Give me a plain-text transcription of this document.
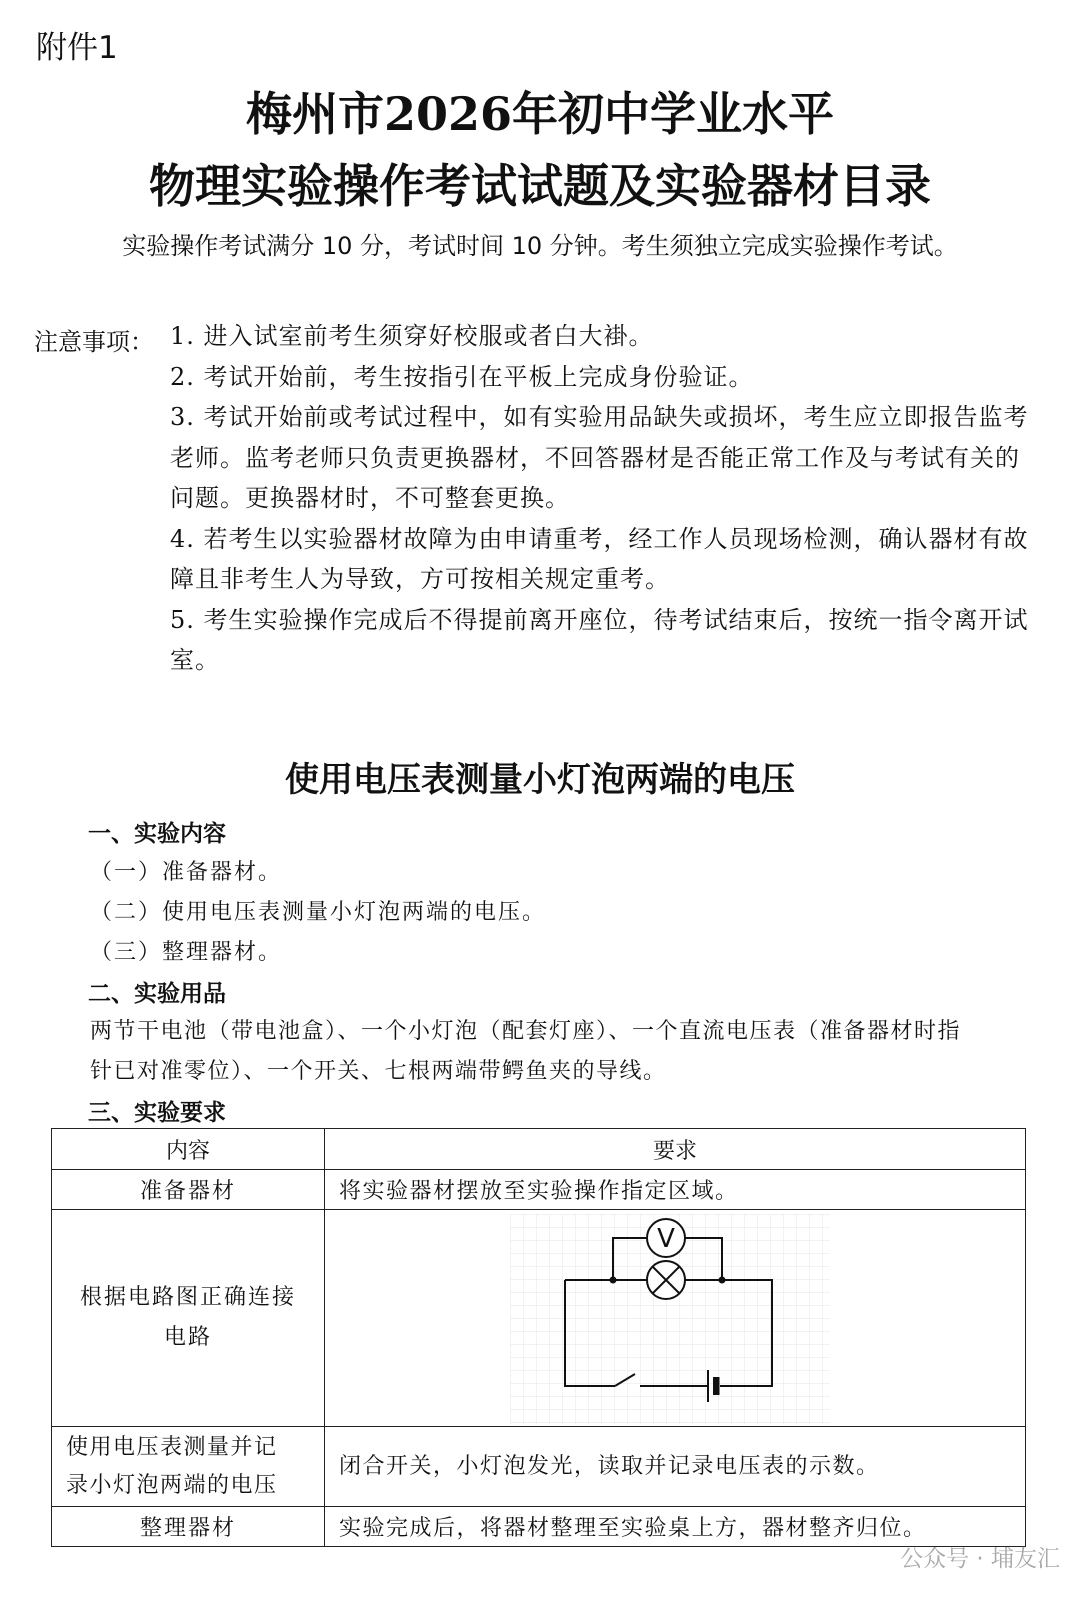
附件1
梅州市2026年初中学业水平
物理实验操作考试试题及实验器材目录
实验操作考试满分 10 分，考试时间 10 分钟。考生须独立完成实验操作考试。
注意事项： 1. 进入试室前考生须穿好校服或者白大褂。

2. 考试开始前，考生按指引在平板上完成身份验证。

3. 考试开始前或考试过程中，如有实验用品缺失或损坏，考生应立即报告监考老师。监考老师只负责更换器材，不回答器材是否能正常工作及与考试有关的问题。更换器材时，不可整套更换。

4. 若考生以实验器材故障为由申请重考，经工作人员现场检测，确认器材有故障且非考生人为导致，方可按相关规定重考。

5. 考生实验操作完成后不得提前离开座位，待考试结束后，按统一指令离开试室。

使用电压表测量小灯泡两端的电压
一、实验内容
（一）准备器材。
（二）使用电压表测量小灯泡两端的电压。
（三）整理器材。
二、实验用品
两节干电池（带电池盒）、一个小灯泡（配套灯座）、一个直流电压表（准备器材时指
针已对准零位）、一个开关、七根两端带鳄鱼夹的导线。
三、实验要求
内容	要求
准备器材	将实验器材摆放至实验操作指定区域。
根据电路图正确连接
电路	V

使用电压表测量并记
录小灯泡两端的电压	闭合开关，小灯泡发光，读取并记录电压表的示数。
整理器材	实验完成后，将器材整理至实验桌上方，器材整齐归位。
公众号 · 埔友汇
